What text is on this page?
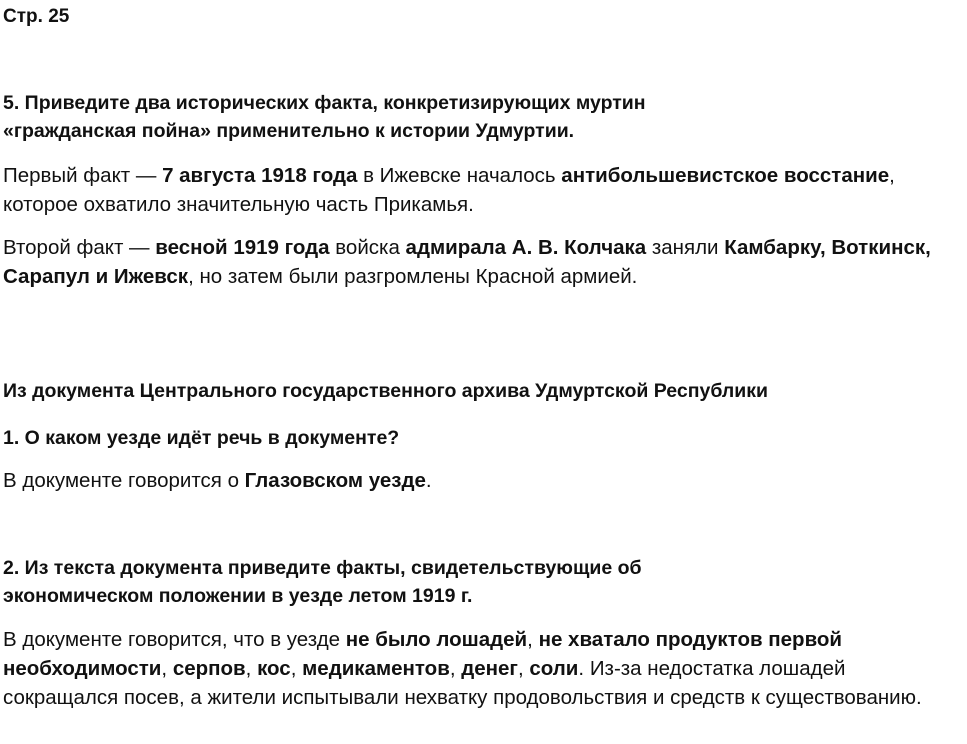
Стр. 25

5. Приведите два исторических факта, конкретизирующих муртин
«гражданская пойна» применительно к истории Удмуртии.

Первый факт — 7 августа 1918 года в Ижевске началось антибольшевистское восстание, которое охватило значительную часть Прикамья.

Второй факт — весной 1919 года войска адмирала А. В. Колчака заняли Камбарку, Воткинск, Сарапул и Ижевск, но затем были разгромлены Красной армией.

Из документа Центрального государственного архива Удмуртской Республики

1. О каком уезде идёт речь в документе?

В документе говорится о Глазовском уезде.

2. Из текста документа приведите факты, свидетельствующие об
экономическом положении в уезде летом 1919 г.

В документе говорится, что в уезде не было лошадей, не хватало продуктов первой необходимости, серпов, кос, медикаментов, денег, соли. Из-за недостатка лошадей сокращался посев, а жители испытывали нехватку продовольствия и средств к существованию.
